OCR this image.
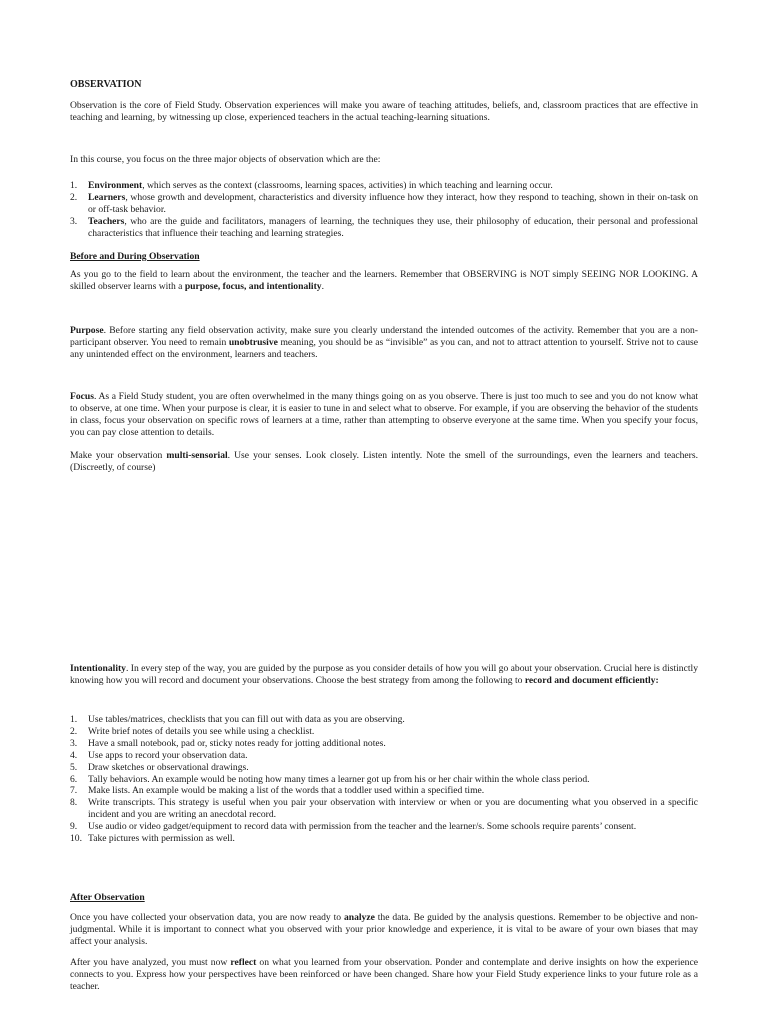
OBSERVATION
Observation is the core of Field Study. Observation experiences will make you aware of teaching attitudes, beliefs, and, classroom practices that are effective in teaching and learning, by witnessing up close, experienced teachers in the actual teaching-learning situations.
In this course, you focus on the three major objects of observation which are the:
1. Environment, which serves as the context (classrooms, learning spaces, activities) in which teaching and learning occur.
2. Learners, whose growth and development, characteristics and diversity influence how they interact, how they respond to teaching, shown in their on-task on or off-task behavior.
3. Teachers, who are the guide and facilitators, managers of learning, the techniques they use, their philosophy of education, their personal and professional characteristics that influence their teaching and learning strategies.
Before and During Observation
As you go to the field to learn about the environment, the teacher and the learners. Remember that OBSERVING is NOT simply SEEING NOR LOOKING. A skilled observer learns with a purpose, focus, and intentionality.
Purpose. Before starting any field observation activity, make sure you clearly understand the intended outcomes of the activity. Remember that you are a non-participant observer. You need to remain unobtrusive meaning, you should be as “invisible” as you can, and not to attract attention to yourself. Strive not to cause any unintended effect on the environment, learners and teachers.
Focus. As a Field Study student, you are often overwhelmed in the many things going on as you observe. There is just too much to see and you do not know what to observe, at one time. When your purpose is clear, it is easier to tune in and select what to observe. For example, if you are observing the behavior of the students in class, focus your observation on specific rows of learners at a time, rather than attempting to observe everyone at the same time. When you specify your focus, you can pay close attention to details.
Make your observation multi-sensorial. Use your senses. Look closely. Listen intently. Note the smell of the surroundings, even the learners and teachers. (Discreetly, of course)
Intentionality. In every step of the way, you are guided by the purpose as you consider details of how you will go about your observation. Crucial here is distinctly knowing how you will record and document your observations. Choose the best strategy from among the following to record and document efficiently:
1. Use tables/matrices, checklists that you can fill out with data as you are observing.
2. Write brief notes of details you see while using a checklist.
3. Have a small notebook, pad or, sticky notes ready for jotting additional notes.
4. Use apps to record your observation data.
5. Draw sketches or observational drawings.
6. Tally behaviors. An example would be noting how many times a learner got up from his or her chair within the whole class period.
7. Make lists. An example would be making a list of the words that a toddler used within a specified time.
8. Write transcripts. This strategy is useful when you pair your observation with interview or when or you are documenting what you observed in a specific incident and you are writing an anecdotal record.
9. Use audio or video gadget/equipment to record data with permission from the teacher and the learner/s. Some schools require parents’ consent.
10. Take pictures with permission as well.
After Observation
Once you have collected your observation data, you are now ready to analyze the data. Be guided by the analysis questions. Remember to be objective and non-judgmental. While it is important to connect what you observed with your prior knowledge and experience, it is vital to be aware of your own biases that may affect your analysis.
After you have analyzed, you must now reflect on what you learned from your observation. Ponder and contemplate and derive insights on how the experience connects to you. Express how your perspectives have been reinforced or have been changed. Share how your Field Study experience links to your future role as a teacher.
